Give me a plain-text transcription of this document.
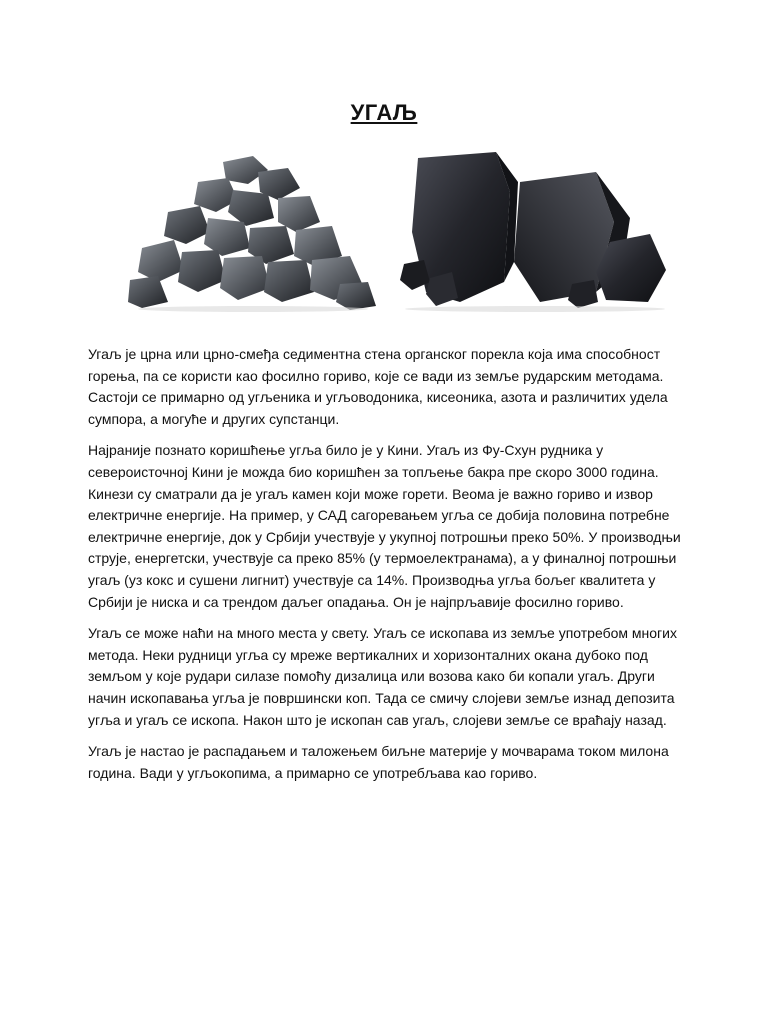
УГАЉ

Угаљ је црна или црно-смеђа седиментна стена органског порекла која има способност горења, па се користи као фосилно гориво, које се вади из земље рударским методама. Састоји се примарно од угљеника и угљоводоника, кисеоника, азота и различитих удела сумпора, а могуће и других супстанци.

Најраније познато коришћење угља било је у Кини. Угаљ из Фу-Схун рудника у североисточној Кини је можда био коришћен за топљење бакра пре скоро 3000 година. Кинези су сматрали да је угаљ камен који може горети. Веома је важно гориво и извор електричне енергије. На пример, у САД сагоревањем угља се добија половина потребне електричне енергије, док у Србији учествује у укупној потрошњи преко 50%. У производњи струје, енергетски, учествује са преко 85% (у термоелектранама), а у финалној потрошњи угаљ (уз кокс и сушени лигнит) учествује са 14%. Производња угља бољег квалитета у Србији је ниска и са трендом даљег опадања. Он је најпрљавије фосилно гориво.

Угаљ се може наћи на много места у свету. Угаљ се ископава из земље употребом многих метода. Неки рудници угља су мреже вертикалних и хоризонталних окана дубоко под земљом у које рудари силазе помоћу дизалица или возова како би копали угаљ. Други начин ископавања угља је површински коп. Тада се смичу слојеви земље изнад депозита угља и угаљ се ископа. Након што је ископан сав угаљ, слојеви земље се враћају назад.

Угаљ је настао је распадањем и таложењем биљне материје у мочварама током милона година. Вади у угљокопима, а примарно се употребљава као гориво.
